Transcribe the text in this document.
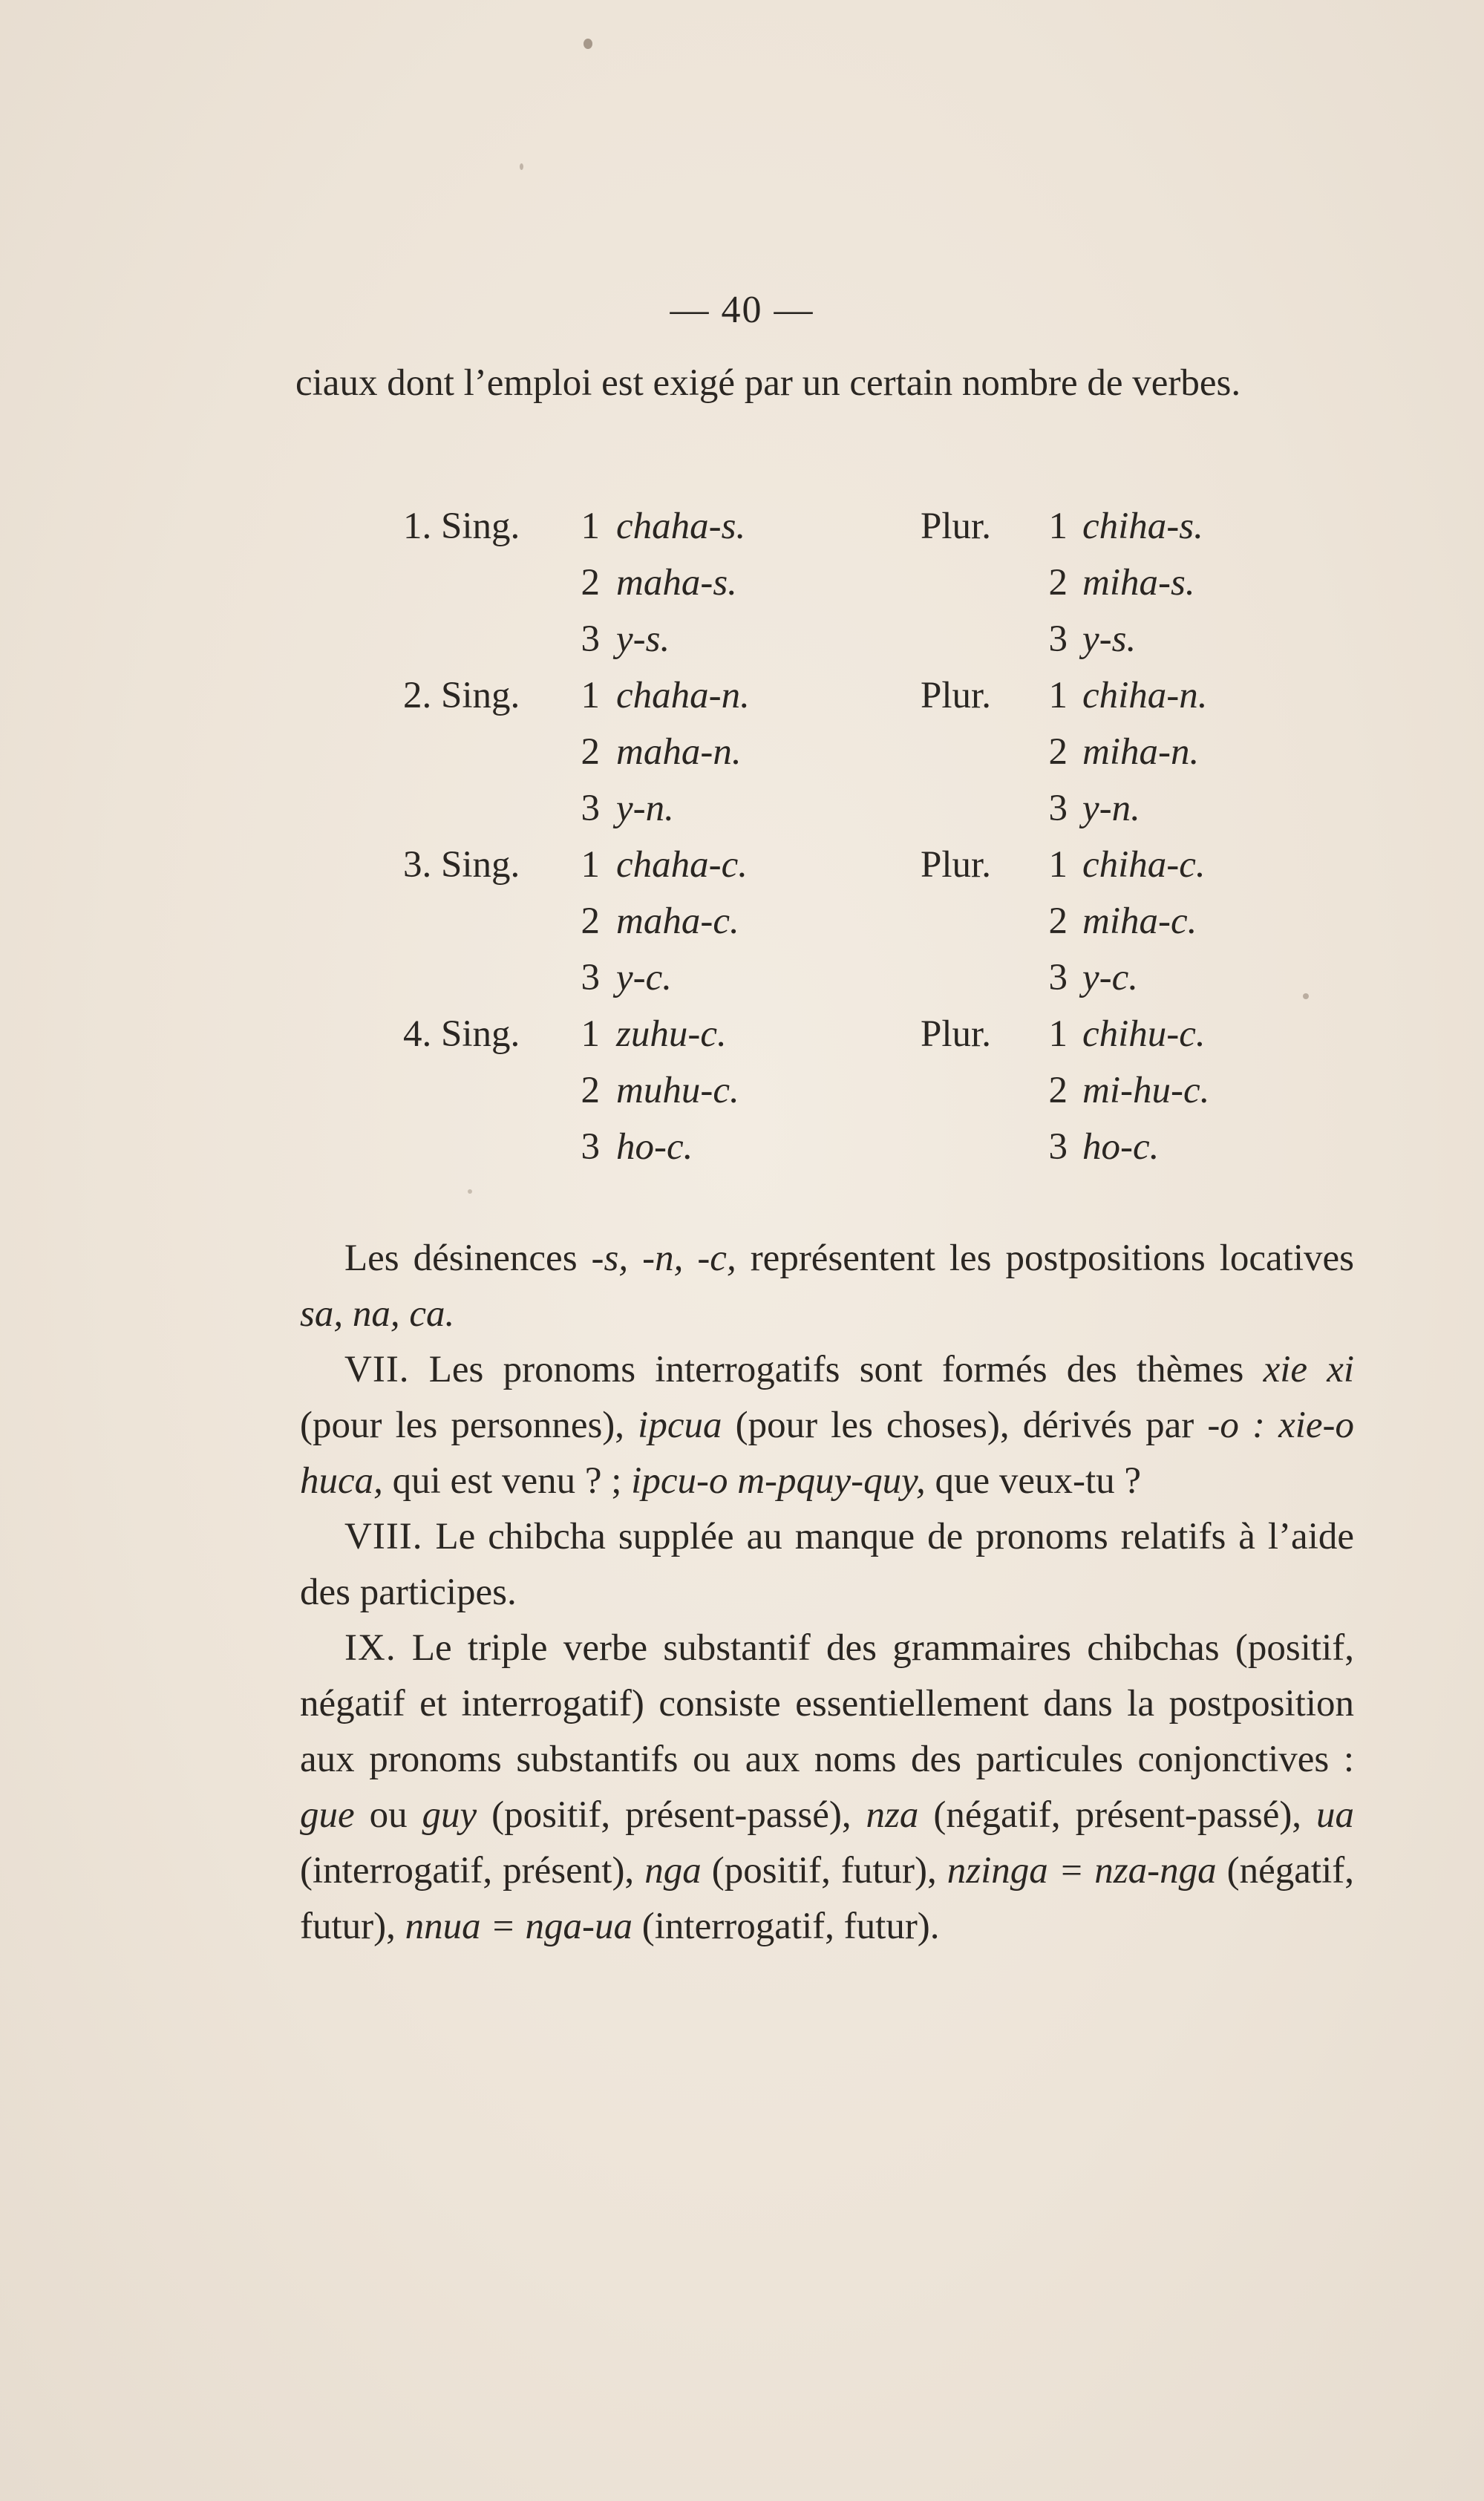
— 40 —
ciaux dont l’emploi est exigé par un certain nombre de verbes.
1. Sing. 1 chaha-s.	Plur. 1 chiha-s.
2 maha-s.	2 miha-s.
3 y-s.	3 y-s.
2. Sing. 1 chaha-n.	Plur. 1 chiha-n.
2 maha-n.	2 miha-n.
3 y-n.	3 y-n.
3. Sing. 1 chaha-c.	Plur. 1 chiha-c.
2 maha-c.	2 miha-c.
3 y-c.	3 y-c.
4. Sing. 1 zuhu-c.	Plur. 1 chihu-c.
2 muhu-c.	2 mi-hu-c.
3 ho-c.	3 ho-c.

Les désinences -s, -n, -c, représentent les postpositions locatives sa, na, ca.

VII. Les pronoms interrogatifs sont formés des thèmes xie xi (pour les personnes), ipcua (pour les choses), dérivés par -o : xie-o huca, qui est venu ? ; ipcu-o m-pquy-quy, que veux-tu ?

VIII. Le chibcha supplée au manque de pronoms relatifs à l’aide des participes.

IX. Le triple verbe substantif des grammaires chibchas (positif, négatif et interrogatif) consiste essentiellement dans la postposition aux pronoms substantifs ou aux noms des particules conjonctives : gue ou guy (positif, présent-passé), nza (négatif, présent-passé), ua (interrogatif, présent), nga (positif, futur), nzinga = nza-nga (négatif, futur), nnua = nga-ua (interrogatif, futur).
